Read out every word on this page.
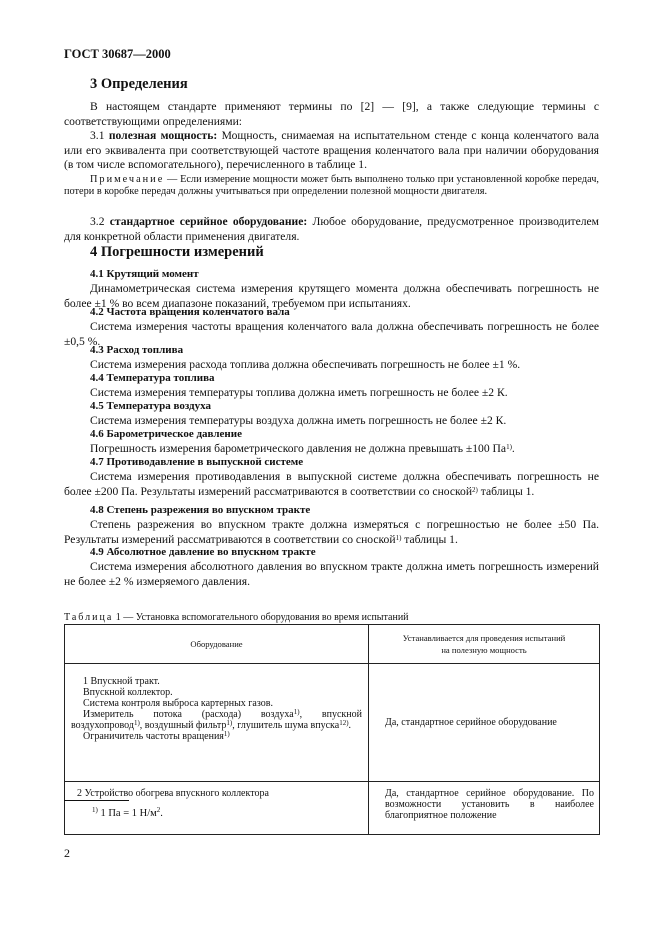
ГОСТ 30687—2000
3 Определения
В настоящем стандарте применяют термины по [2] — [9], а также следующие термины с соответствующими определениями:
3.1 полезная мощность: Мощность, снимаемая на испытательном стенде с конца коленчатого вала или его эквивалента при соответствующей частоте вращения коленчатого вала при наличии оборудования (в том числе вспомогательного), перечисленного в таблице 1.
Примечание — Если измерение мощности может быть выполнено только при установленной коробке передач, потери в коробке передач должны учитываться при определении полезной мощности двигателя.
3.2 стандартное серийное оборудование: Любое оборудование, предусмотренное производителем для конкретной области применения двигателя.
4 Погрешности измерений
4.1 Крутящий момент
Динамометрическая система измерения крутящего момента должна обеспечивать погрешность не более ±1 % во всем диапазоне показаний, требуемом при испытаниях.
4.2 Частота вращения коленчатого вала
Система измерения частоты вращения коленчатого вала должна обеспечивать погрешность не более ±0,5 %.
4.3 Расход топлива
Система измерения расхода топлива должна обеспечивать погрешность не более ±1 %.
4.4 Температура топлива
Система измерения температуры топлива должна иметь погрешность не более ±2 К.
4.5 Температура воздуха
Система измерения температуры воздуха должна иметь погрешность не более ±2 К.
4.6 Барометрическое давление
Погрешность измерения барометрического давления не должна превышать ±100 $Па^{1)}$.
4.7 Противодавление в выпускной системе
Система измерения противодавления в выпускной системе должна обеспечивать погрешность не более ±200 Па. Результаты измерений рассматриваются в соответствии со сноской$^{2)}$ таблицы 1.
4.8 Степень разрежения во впускном тракте
Степень разрежения во впускном тракте должна измеряться с погрешностью не более ±50 Па. Результаты измерений рассматриваются в соответствии со сноской$^{1)}$ таблицы 1.
4.9 Абсолютное давление во впускном тракте
Система измерения абсолютного давления во впускном тракте должна иметь погрешность измерений не более ±2 % измеряемого давления.
Таблица 1 — Установка вспомогательного оборудования во время испытаний
Оборудование	Устанавливается для проведения испытаний
на полезную мощность

1 Впускной тракт.
Впускной коллектор.
Система контроля выброса картерных газов.
Измеритель потока (расхода) воздуха$^{1)}$, впускной воздухопровод$^{1)}$, воздушный фильтр$^{1)}$, глушитель шума впуска$^{12)}$.
Ограничитель частоты вращения$^{1)}$	Да, стандартное серийное оборудование
2 Устройство обогрева впускного коллектора	Да, стандартное серийное оборудование. По возможности установить в наиболее благоприятное положение
$^{1)}$ 1 Па = 1 $Н/м^2$.
2
